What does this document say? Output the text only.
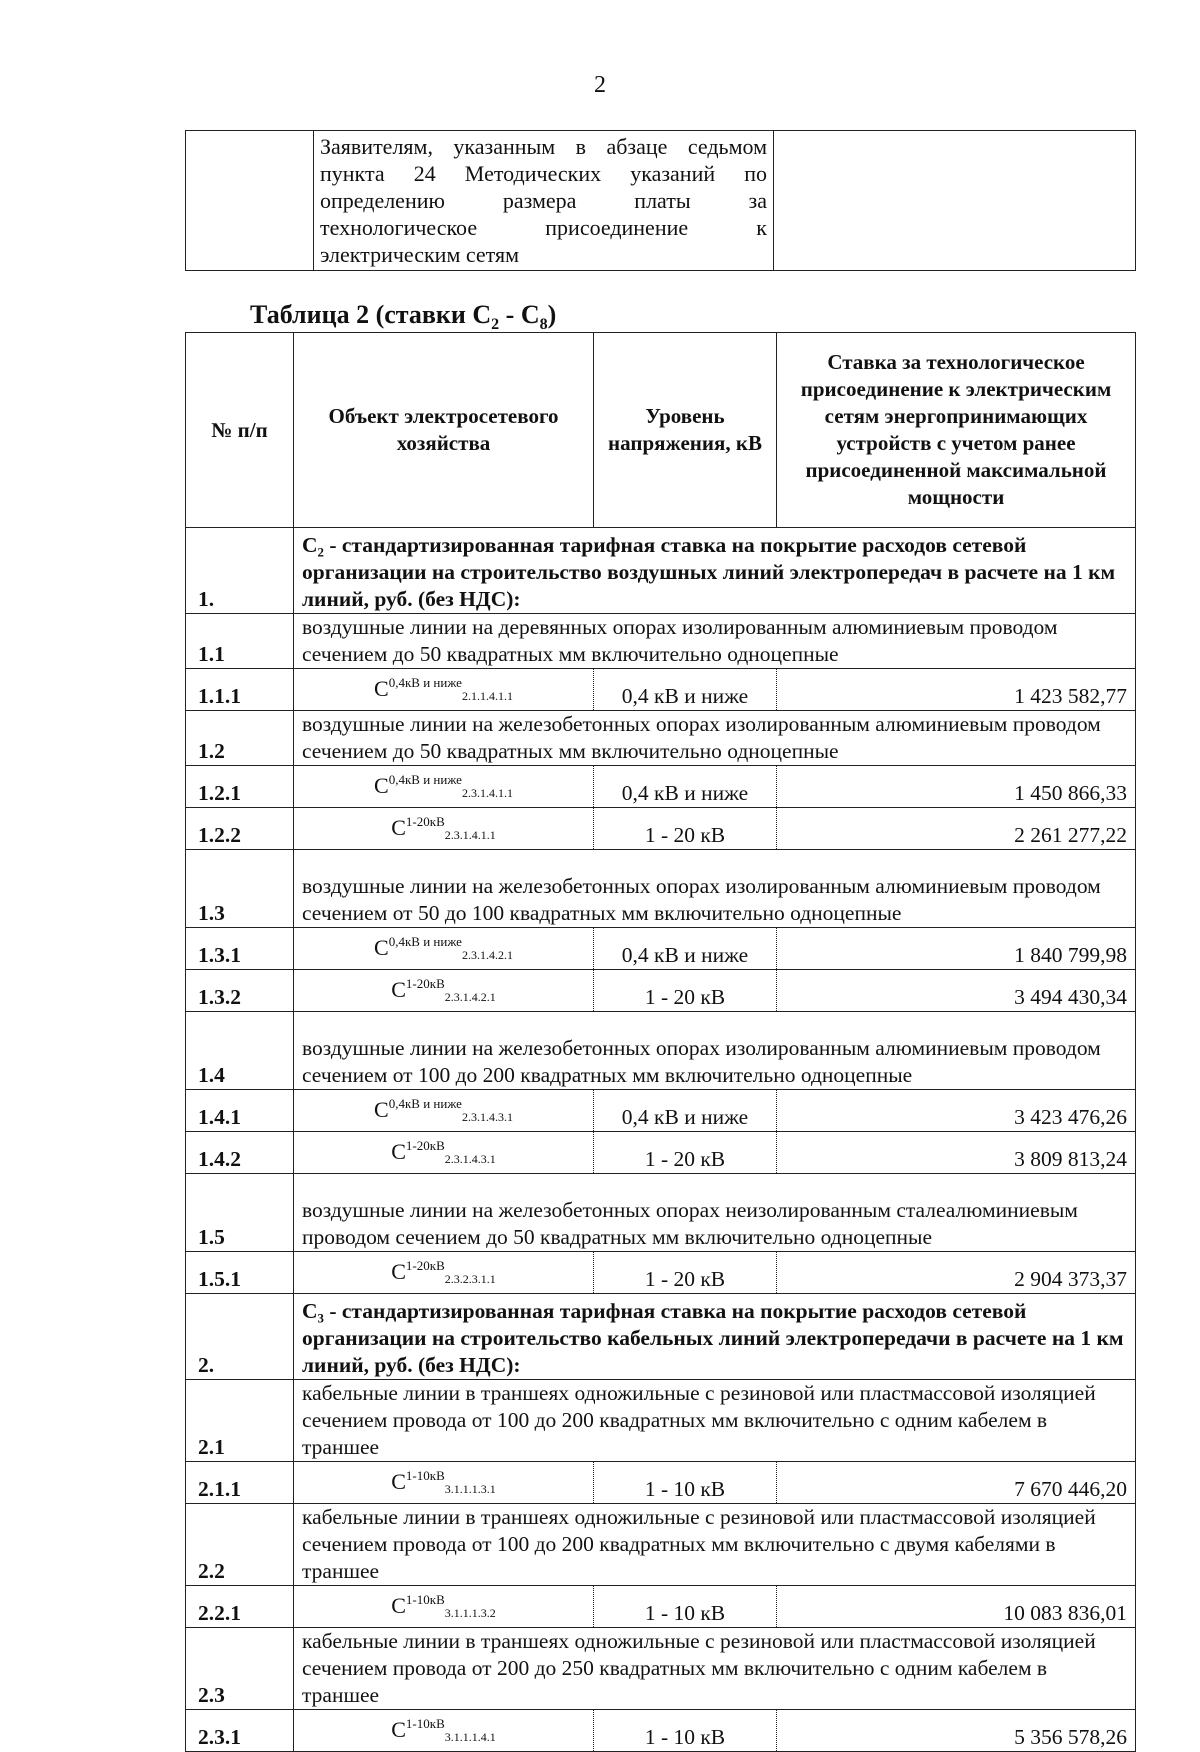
2

Заявителям, указанным в абзаце седьмом
пункта 24 Методических указаний по
определению размера платы за
технологическое присоединение к
электрическим сетям

Таблица 2 (ставки $С_2 - С_8$)
№ п/п	Объект электросетевого хозяйства	Уровень напряжения, кВ	Ставка за технологическое присоединение к электрическим сетям энергопринимающих устройств с учетом ранее присоединенной максимальной мощности
1.	С₂ - стандартизированная тарифная ставка на покрытие расходов сетевой организации на строительство воздушных линий электропередач в расчете на 1 км линий, руб. (без НДС):		
1.1	воздушные линии на деревянных опорах изолированным алюминиевым проводом сечением до 50 квадратных мм включительно одноцепные		
1.1.1	$С^{0,4кВ и ниже}_{2.1.1.4.1.1}$	0,4 кВ и ниже	1 423 582,77
1.2	воздушные линии на железобетонных опорах изолированным алюминиевым проводом сечением до 50 квадратных мм включительно одноцепные		
1.2.1	$С^{0,4кВ и ниже}_{2.3.1.4.1.1}$	0,4 кВ и ниже	1 450 866,33
1.2.2	$С^{1-20кВ}_{2.3.1.4.1.1}$	1 - 20 кВ	2 261 277,22
1.3	воздушные линии на железобетонных опорах изолированным алюминиевым проводом сечением от 50 до 100 квадратных мм включительно одноцепные		
1.3.1	$С^{0,4кВ и ниже}_{2.3.1.4.2.1}$	0,4 кВ и ниже	1 840 799,98
1.3.2	$С^{1-20кВ}_{2.3.1.4.2.1}$	1 - 20 кВ	3 494 430,34
1.4	воздушные линии на железобетонных опорах изолированным алюминиевым проводом сечением от 100 до 200 квадратных мм включительно одноцепные		
1.4.1	$С^{0,4кВ и ниже}_{2.3.1.4.3.1}$	0,4 кВ и ниже	3 423 476,26
1.4.2	$С^{1-20кВ}_{2.3.1.4.3.1}$	1 - 20 кВ	3 809 813,24
1.5	воздушные линии на железобетонных опорах неизолированным сталеалюминиевым проводом сечением до 50 квадратных мм включительно одноцепные		
1.5.1	$С^{1-20кВ}_{2.3.2.3.1.1}$	1 - 20 кВ	2 904 373,37
2.	С₃ - стандартизированная тарифная ставка на покрытие расходов сетевой организации на строительство кабельных линий электропередачи в расчете на 1 км линий, руб. (без НДС):		
2.1	кабельные линии в траншеях одножильные с резиновой или пластмассовой изоляцией сечением провода от 100 до 200 квадратных мм включительно с одним кабелем в траншее		
2.1.1	$С^{1-10кВ}_{3.1.1.1.3.1}$	1 - 10 кВ	7 670 446,20
2.2	кабельные линии в траншеях одножильные с резиновой или пластмассовой изоляцией сечением провода от 100 до 200 квадратных мм включительно с двумя кабелями в траншее		
2.2.1	$С^{1-10кВ}_{3.1.1.1.3.2}$	1 - 10 кВ	10 083 836,01
2.3	кабельные линии в траншеях одножильные с резиновой или пластмассовой изоляцией сечением провода от 200 до 250 квадратных мм включительно с одним кабелем в траншее		
2.3.1	$С^{1-10кВ}_{3.1.1.1.4.1}$	1 - 10 кВ	5 356 578,26
